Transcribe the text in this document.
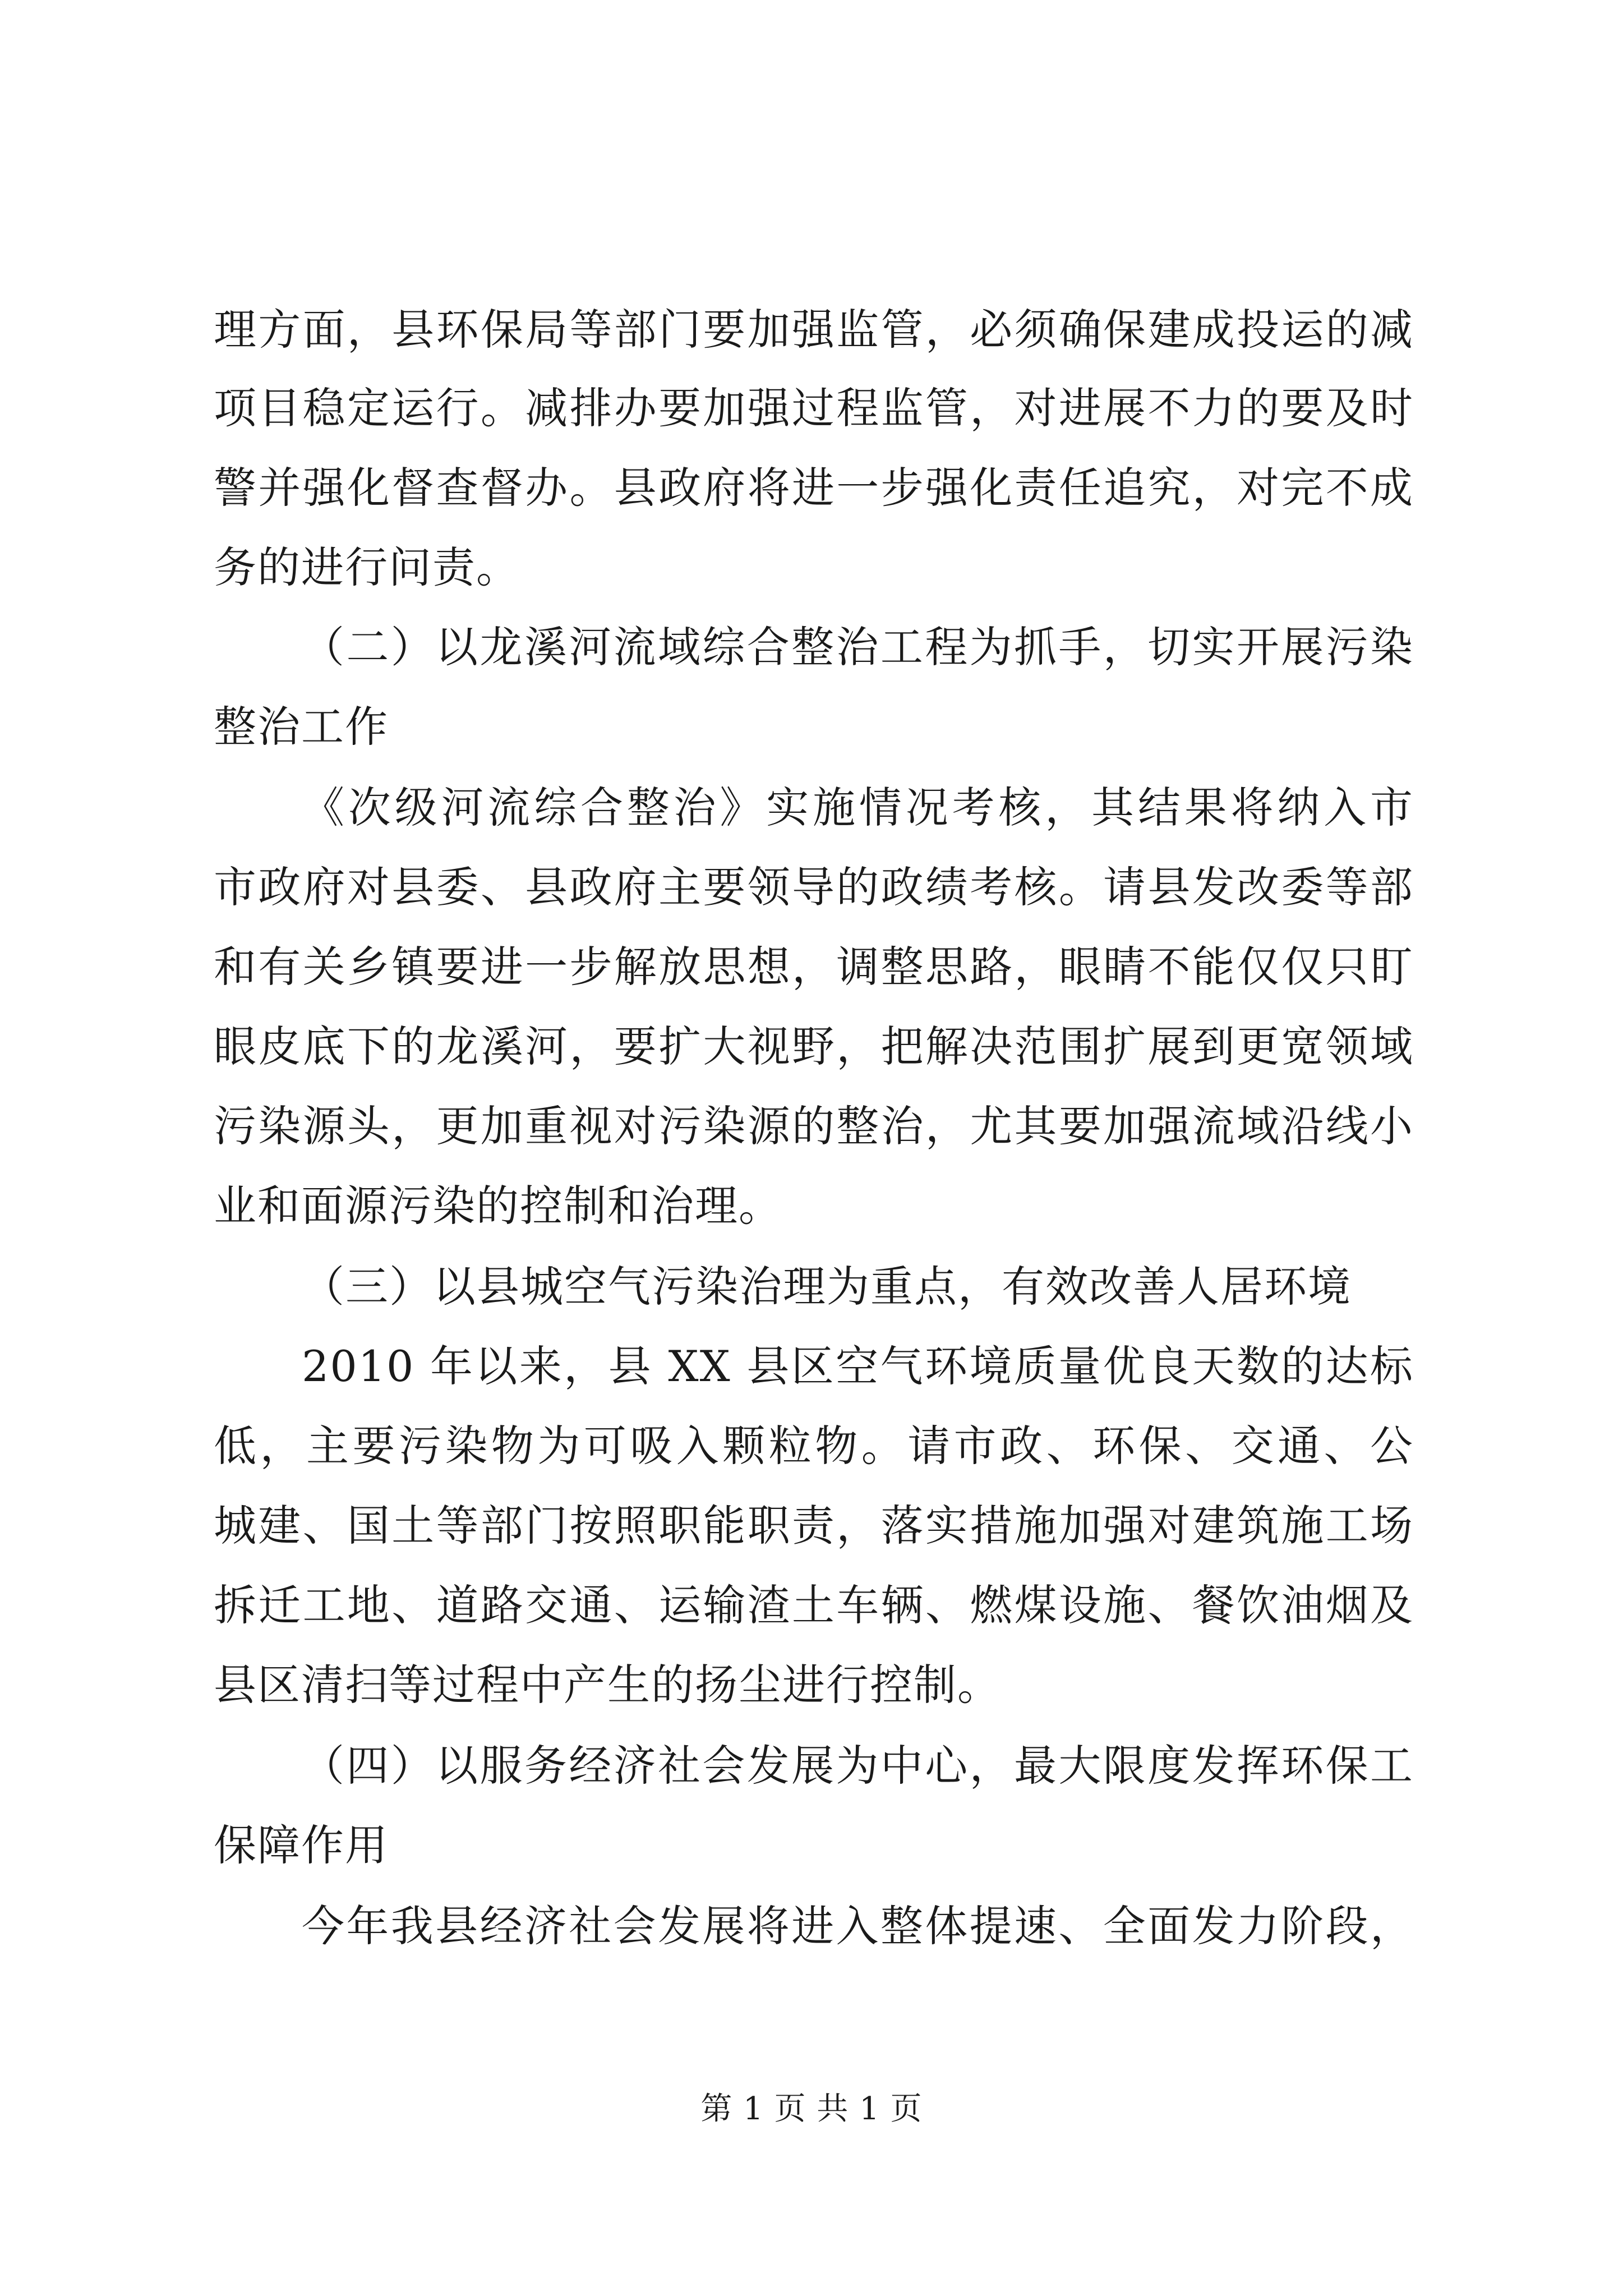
理方面，县环保局等部门要加强监管，必须确保建成投运的减
项目稳定运行。减排办要加强过程监管，对进展不力的要及时
警并强化督查督办。县政府将进一步强化责任追究，对完不成
务的进行问责。
（二）以龙溪河流域综合整治工程为抓手，切实开展污染
整治工作
《次级河流综合整治》实施情况考核，其结果将纳入市
市政府对县委、县政府主要领导的政绩考核。请县发改委等部
和有关乡镇要进一步解放思想，调整思路，眼睛不能仅仅只盯
眼皮底下的龙溪河，要扩大视野，把解决范围扩展到更宽领域
污染源头，更加重视对污染源的整治，尤其要加强流域沿线小
业和面源污染的控制和治理。
（三）以县城空气污染治理为重点，有效改善人居环境
2010 年以来，县 XX 县区空气环境质量优良天数的达标
低，主要污染物为可吸入颗粒物。请市政、环保、交通、公
城建、国土等部门按照职能职责，落实措施加强对建筑施工场
拆迁工地、道路交通、运输渣土车辆、燃煤设施、餐饮油烟及
县区清扫等过程中产生的扬尘进行控制。
（四）以服务经济社会发展为中心，最大限度发挥环保工
保障作用
今年我县经济社会发展将进入整体提速、全面发力阶段，
第 1 页 共 1 页
